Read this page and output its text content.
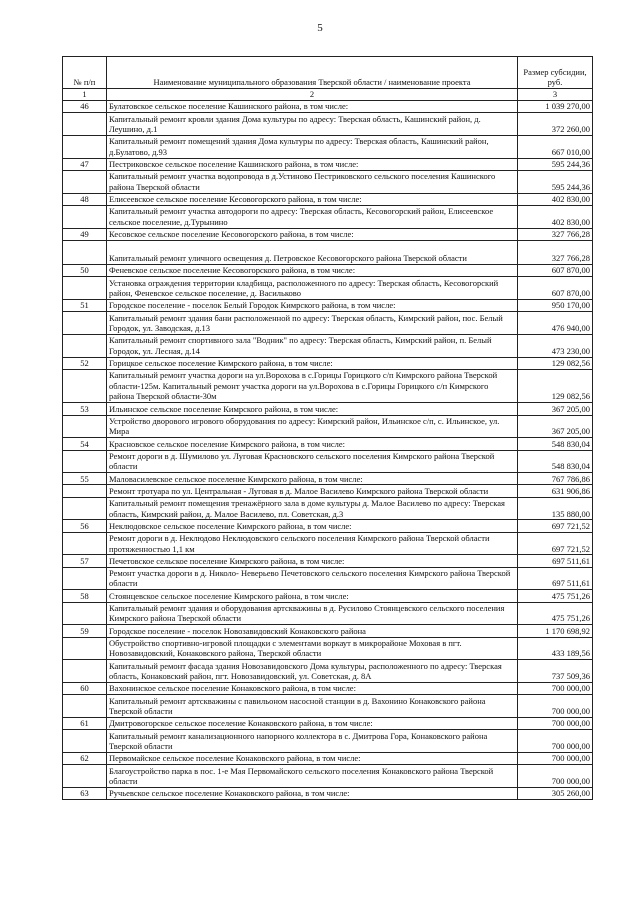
5
№ п/п	Наименование муниципального образования Тверской области / наименование проекта	Размер субсидии, руб.
1	2	3
46	Булатовское сельское поселение Кашинского района, в том числе:	1 039 270,00
	Капитальный ремонт кровли здания Дома культуры по адресу: Тверская область, Кашинский район, д. Леушино, д.1	372 260,00
	Капитальный ремонт помещений здания Дома культуры по адресу: Тверская область, Кашинский район, д.Булатово, д.93	667 010,00
47	Пестриковское сельское поселение Кашинского района, в том числе:	595 244,36
	Капитальный ремонт участка водопровода в д.Устиново Пестриковского сельского поселения Кашинского района Тверской области	595 244,36
48	Елисеевское сельское поселение Кесовогорского района, в том числе:	402 830,00
	Капитальный ремонт участка автодороги по адресу: Тверская область, Кесовогорский район, Елисеевское сельское поселение, д.Турынино	402 830,00
49	Кесовское сельское поселение Кесовогорского района, в том числе:	327 766,28
	Капитальный ремонт уличного освещения д. Петровское Кесовогорского района Тверской области	327 766,28
50	Феневское сельское поселение Кесовогорского района, в том числе:	607 870,00
	Установка ограждения территории кладбища, расположенного по адресу: Тверская область, Кесовогорский район, Феневское сельское поселение, д. Васильково	607 870,00
51	Городское поселение - поселок Белый Городок Кимрского района, в том числе:	950 170,00
	Капитальный ремонт здания бани расположенной по адресу: Тверская область, Кимрский район, пос. Белый Городок, ул. Заводская, д.13	476 940,00
	Капитальный ремонт спортивного зала "Водник" по адресу: Тверская область, Кимрский район, п. Белый Городок, ул. Лесная, д.14	473 230,00
52	Горицкое сельское поселение Кимрского района, в том числе:	129 082,56
	Капитальный ремонт участка дороги на ул.Ворохова в с.Горицы Горицкого с/п Кимрского района Тверской области-125м. Капитальный ремонт участка дороги на ул.Ворохова в с.Горицы Горицкого с/п Кимрского района Тверской области-30м	129 082,56
53	Ильинское сельское поселение Кимрского района, в том числе:	367 205,00
	Устройство дворового игрового оборудования по адресу: Кимрский район, Ильинское с/п, с. Ильинское, ул. Мира	367 205,00
54	Красновское сельское поселение Кимрского района, в том числе:	548 830,04
	Ремонт дороги в д. Шумилово ул. Луговая Красновского сельского поселения Кимрского района Тверской области	548 830,04
55	Маловасилевское сельское поселение Кимрского района, в том числе:	767 786,86
	Ремонт тротуара по ул. Центральная - Луговая в д. Малое Василево Кимрского района Тверской области	631 906,86
	Капитальный ремонт помещения тренажёрного зала в доме культуры д. Малое Василево по адресу: Тверская область, Кимрский район, д. Малое Василево, пл. Советская, д.3	135 880,00
56	Неклюдовское сельское поселение Кимрского района, в том числе:	697 721,52
	Ремонт дороги в д. Неклюдово Неклюдовского сельского поселения Кимрского района Тверской области протяженностью 1,1 км	697 721,52
57	Печетовское сельское поселение Кимрского района, в том числе:	697 511,61
	Ремонт участка дороги в д. Николо- Неверьево Печетовского сельского поселения Кимрского района Тверской области	697 511,61
58	Стоянцевское сельское поселение Кимрского района, в том числе:	475 751,26
	Капитальный ремонт здания и оборудования артскважины в д. Русилово Стоянцевского сельского поселения Кимрского района Тверской области	475 751,26
59	Городское поселение - поселок Новозавидовский Конаковского района	1 170 698,92
	Обустройство спортивно-игровой площадки с элементами воркаут в микрорайоне Моховая в пгт. Новозавидовский, Конаковского района, Тверской области	433 189,56
	Капитальный ремонт фасада здания Новозавидовского Дома культуры, расположенного по адресу: Тверская область, Конаковский район, пгт. Новозавидовский, ул. Советская, д. 8А	737 509,36
60	Вахонинское сельское поселение Конаковского района, в том числе:	700 000,00
	Капитальный ремонт артскважины с павильоном насосной станции в д. Вахонино Конаковского района Тверской области	700 000,00
61	Дмитровогорское сельское поселение Конаковского района, в том числе:	700 000,00
	Капитальный ремонт канализационного напорного коллектора в с. Дмитрова Гора, Конаковского района Тверской области	700 000,00
62	Первомайское сельское поселение Конаковского района, в том числе:	700 000,00
	Благоустройство парка в пос. 1-е Мая Первомайского сельского поселения Конаковского района Тверской области	700 000,00
63	Ручьевское сельское поселение Конаковского района, в том числе:	305 260,00
